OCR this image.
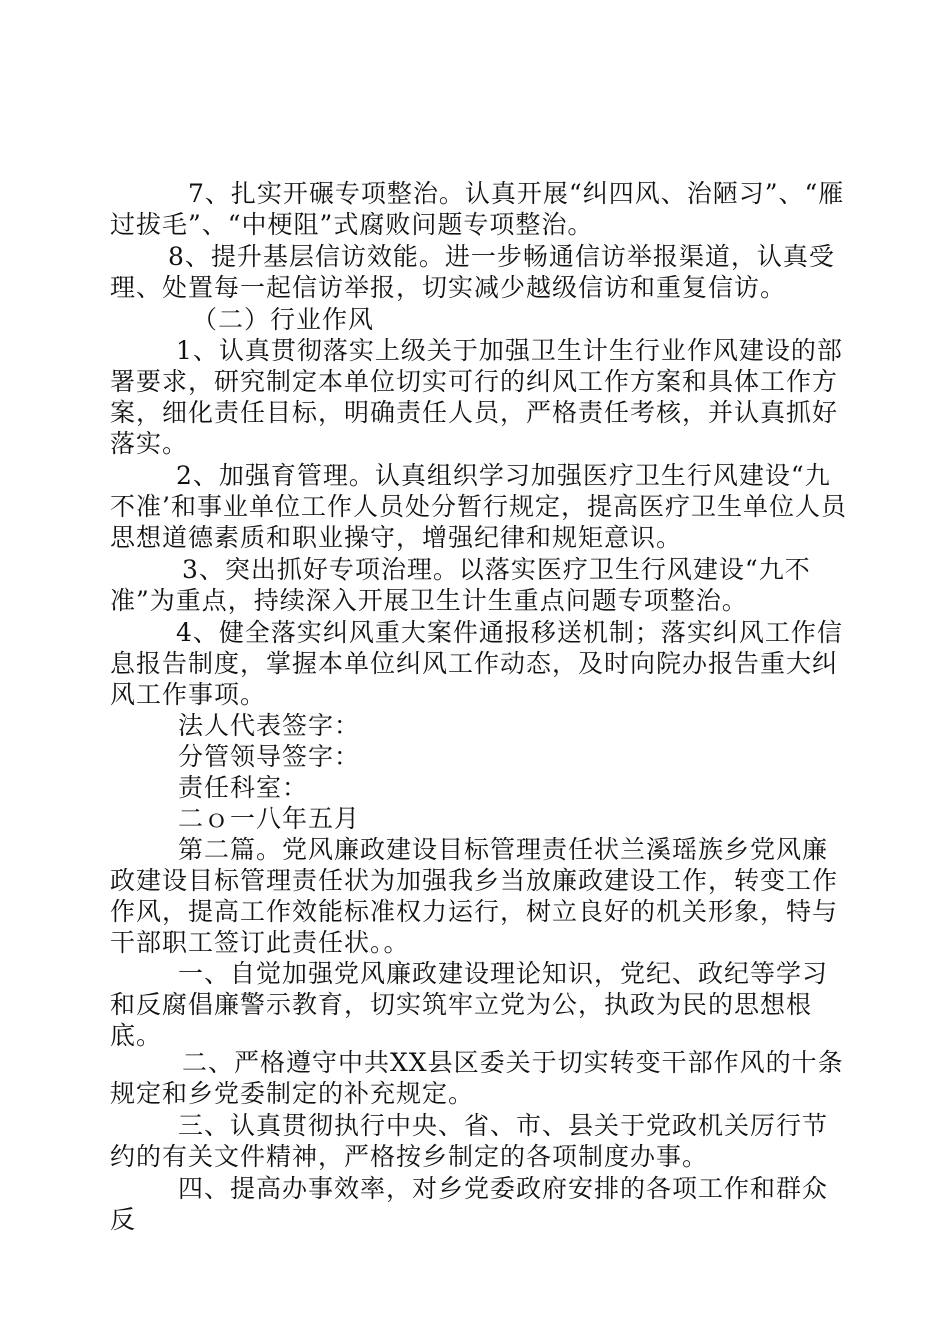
7、扎实开碾专项整治。认真开展“纠四风、治陋习”、“雁过拔毛”、“中梗阻”式腐败问题专项整治。

8、提升基层信访效能。进一步畅通信访举报渠道，认真受理、处置每一起信访举报，切实减少越级信访和重复信访。

（二）行业作风

1、认真贯彻落实上级关于加强卫生计生行业作风建设的部署要求，研究制定本单位切实可行的纠风工作方案和具体工作方案，细化责任目标，明确责任人员，严格责任考核，并认真抓好落实。

2、加强育管理。认真组织学习加强医疗卫生行风建设“九不准’和事业单位工作人员处分暂行规定，提高医疗卫生单位人员思想道德素质和职业操守，增强纪律和规矩意识。

3、突出抓好专项治理。以落实医疗卫生行风建设“九不准”为重点，持续深入开展卫生计生重点问题专项整治。

4、健全落实纠风重大案件通报移送机制；落实纠风工作信息报告制度，掌握本单位纠风工作动态，及时向院办报告重大纠风工作事项。

法人代表签字：

分管领导签字：

责任科室：

二ｏ一八年五月

第二篇。党风廉政建设目标管理责任状兰溪瑶族乡党风廉政建设目标管理责任状为加强我乡当放廉政建设工作，转变工作作风，提高工作效能标准权力运行，树立良好的机关形象，特与干部职工签订此责任状。。

一、自觉加强党风廉政建设理论知识，党纪、政纪等学习和反腐倡廉警示教育，切实筑牢立党为公，执政为民的思想根底。

二、严格遵守中共XX县区委关于切实转变干部作风的十条规定和乡党委制定的补充规定。

三、认真贯彻执行中央、省、市、县关于党政机关厉行节约的有关文件精神，严格按乡制定的各项制度办事。

四、提高办事效率，对乡党委政府安排的各项工作和群众反
